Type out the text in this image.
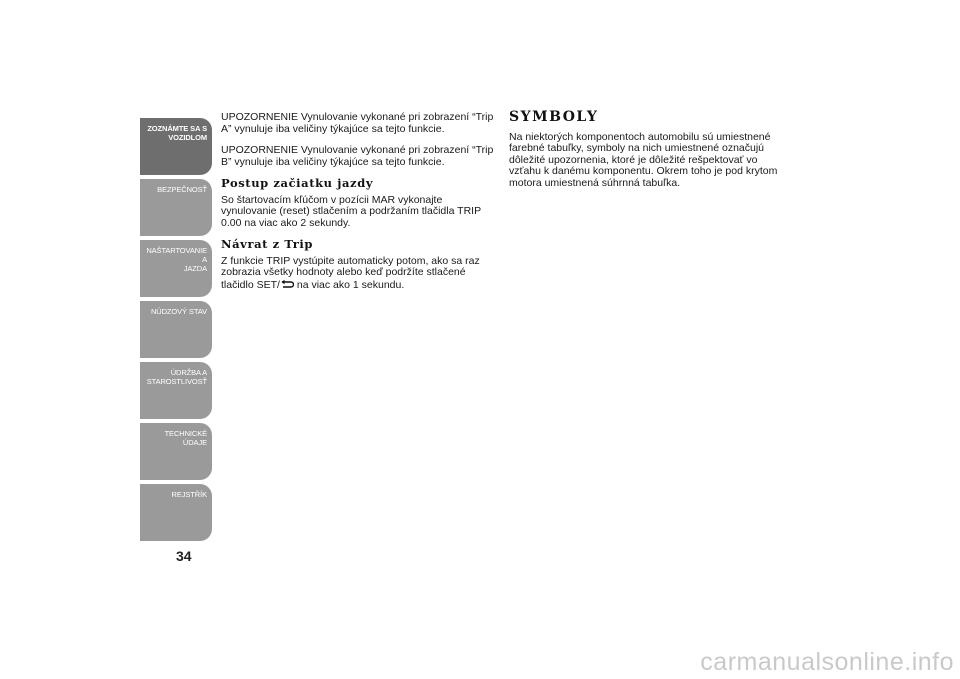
ZOZNÁMTE SA S
VOZIDLOM
BEZPEČNOSŤ
NAŠTARTOVANIE A
JAZDA
NÚDZOVÝ STAV
ÚDRŽBA A
STAROSTLIVOSŤ
TECHNICKÉ ÚDAJE
REJSTŘÍK
34

UPOZORNENIE Vynulovanie vykonané pri zobrazení “Trip A” vynuluje iba veličiny týkajúce sa tejto funkcie.

UPOZORNENIE Vynulovanie vykonané pri zobrazení “Trip B” vynuluje iba veličiny týkajúce sa tejto funkcie.

Postup začiatku jazdy

So štartovacím kľúčom v pozícii MAR vykonajte vynulovanie (reset) stlačením a podržaním tlačidla TRIP 0.00 na viac ako 2 sekundy.

Návrat z Trip

Z funkcie TRIP vystúpite automaticky potom, ako sa raz zobrazia všetky hodnoty alebo keď podržíte stlačené tlačidlo SET/ na viac ako 1 sekundu.

SYMBOLY

Na niektorých komponentoch automobilu sú umiestnené farebné tabuľky, symboly na nich umiestnené označujú dôležité upozornenia, ktoré je dôležité rešpektovať vo vzťahu k danému komponentu. Okrem toho je pod krytom motora umiestnená súhrnná tabuľka.

carmanualsonline.info
